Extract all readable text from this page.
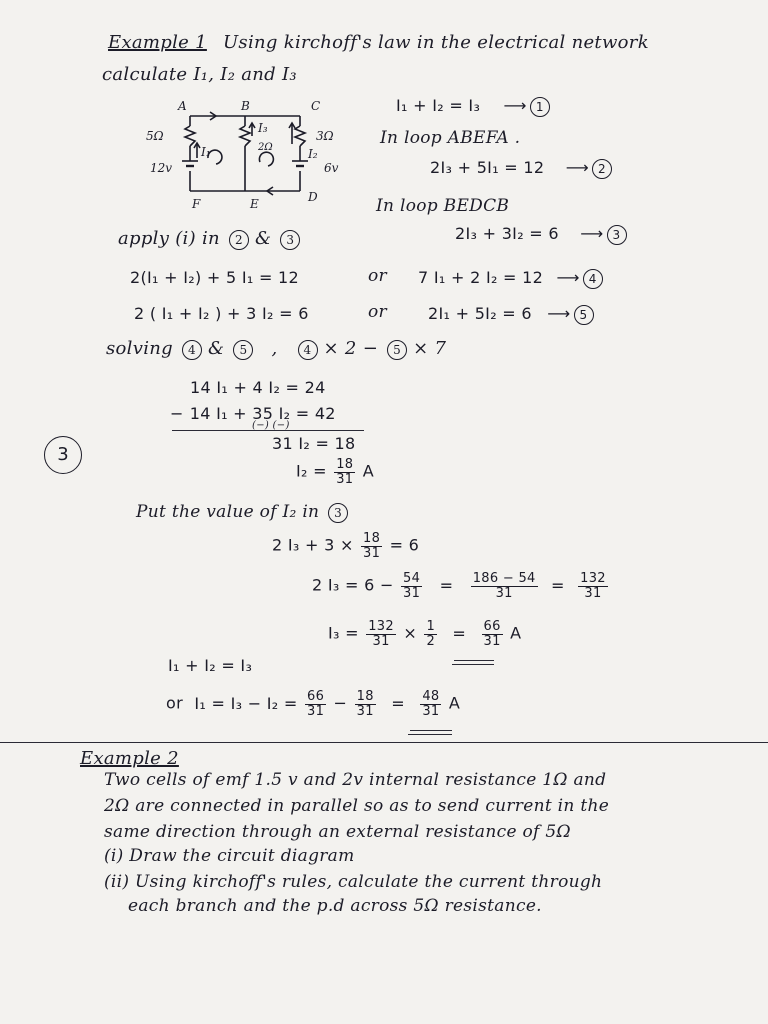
Example 1 Using kirchoff's law in the electrical network
calculate I₁, I₂ and I₃
A	B	C
F	E	D
5Ω
2Ω
3Ω
12v	6v
I₁
I₃
I₂
I₁ + I₂ = I₃ ⟶ 1
In loop ABEFA .
2I₃ + 5I₁ = 12 ⟶ 2
In loop BEDCB
2I₃ + 3I₂ = 6 ⟶ 3
apply (i) in 2 & 3
2(I₁ + I₂) + 5 I₁ = 12	or 7 I₁ + 2 I₂ = 12 ⟶ 4
2 ( I₁ + I₂ ) + 3 I₂ = 6	or	2I₁ + 5I₂ = 6 ⟶ 5
solving 4 & 5 , 4 × 2 − 5 × 7
14 I₁ + 4 I₂ = 24
− 14 I₁ + 35 I₂ = 42
(−) (−)
31 I₂ = 18
$I_2 = \frac{18}{31}$ A
3
Put the value of I₂ in 3
2 $I_3 + 3 \times \frac{18}{31} = 6$
2 $I_3 = 6 - \frac{54}{31} = \frac{186 - 54}{31} = \frac{132}{31}$
$I_3 = \frac{132}{31} \times \frac{1}{2} = \frac{66}{31}$ A
I₁ + I₂ = I₃
or $I_1 = I_3 - I_2 = \frac{66}{31} - \frac{18}{31} = \frac{48}{31}$ A
Example 2
Two cells of emf 1.5 v and 2v internal resistance 1Ω and
2Ω are connected in parallel so as to send current in the
same direction through an external resistance of 5Ω
(i) Draw the circuit diagram
(ii) Using kirchoff's rules, calculate the current through
each branch and the p.d across 5Ω resistance.
